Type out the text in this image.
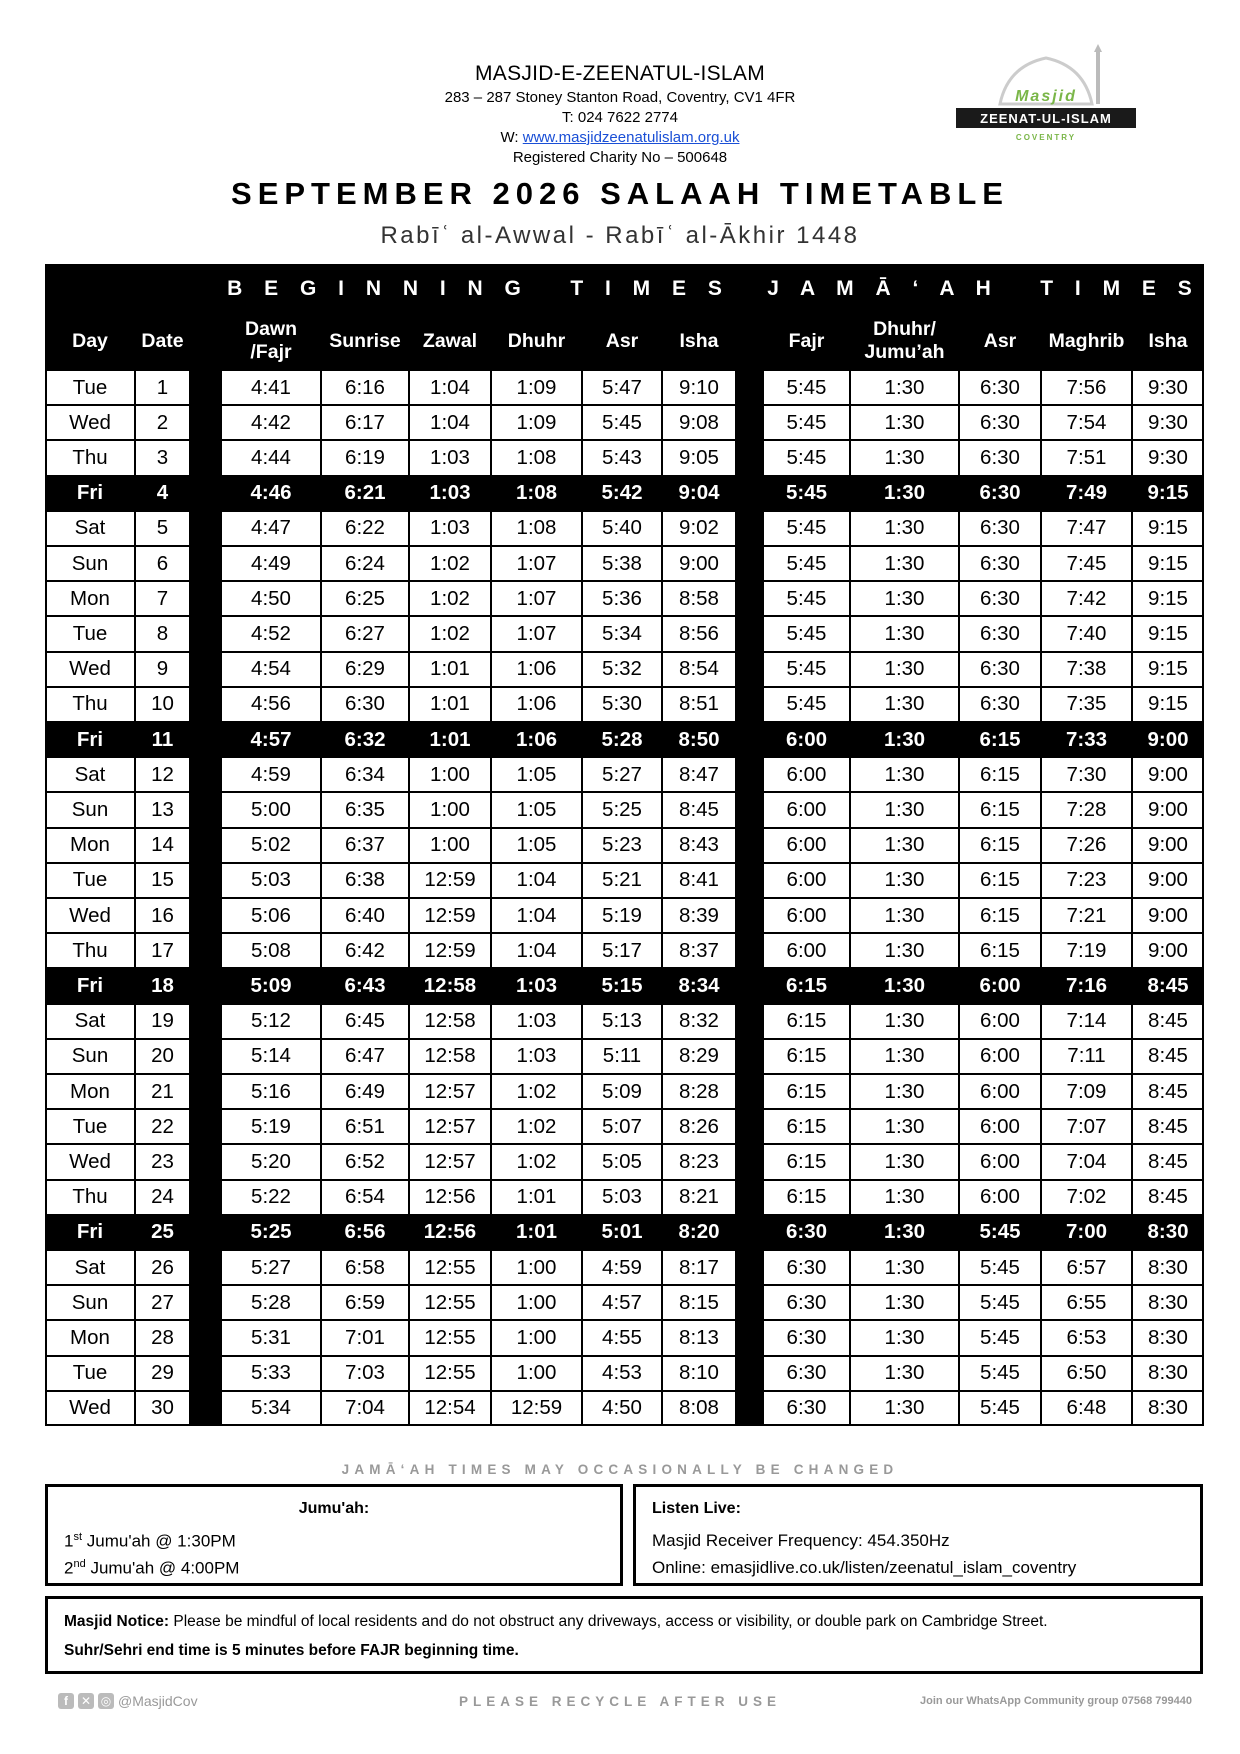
MASJID-E-ZEENATUL-ISLAM
283 – 287 Stoney Stanton Road, Coventry, CV1 4FR
T: 024 7622 2774
W: www.masjidzeenatulislam.org.uk
Registered Charity No – 500648
Masjid
ZEENAT-UL-ISLAM
COVENTRY
SEPTEMBER 2026 SALAAH TIMETABLE
Rabīʿ al-Awwal - Rabīʿ al-Ākhir 1448
B E G I N N I N G   T I M E S J A M Ā ‘ A H   T I M E S
Day	Date
Dawn
/Fajr
Sunrise	Zawal	Dhuhr	Asr	Isha	Fajr
Dhuhr/
Jumu’ah
Asr	Maghrib	Isha
Tue	1	4:41	6:16	1:04	1:09	5:47	9:10	5:45	1:30	6:30	7:56	9:30
Wed	2	4:42	6:17	1:04	1:09	5:45	9:08	5:45	1:30	6:30	7:54	9:30
Thu	3	4:44	6:19	1:03	1:08	5:43	9:05	5:45	1:30	6:30	7:51	9:30
Fri	4	4:46	6:21	1:03	1:08	5:42	9:04	5:45	1:30	6:30	7:49	9:15
Sat	5	4:47	6:22	1:03	1:08	5:40	9:02	5:45	1:30	6:30	7:47	9:15
Sun	6	4:49	6:24	1:02	1:07	5:38	9:00	5:45	1:30	6:30	7:45	9:15
Mon	7	4:50	6:25	1:02	1:07	5:36	8:58	5:45	1:30	6:30	7:42	9:15
Tue	8	4:52	6:27	1:02	1:07	5:34	8:56	5:45	1:30	6:30	7:40	9:15
Wed	9	4:54	6:29	1:01	1:06	5:32	8:54	5:45	1:30	6:30	7:38	9:15
Thu	10	4:56	6:30	1:01	1:06	5:30	8:51	5:45	1:30	6:30	7:35	9:15
Fri	11	4:57	6:32	1:01	1:06	5:28	8:50	6:00	1:30	6:15	7:33	9:00
Sat	12	4:59	6:34	1:00	1:05	5:27	8:47	6:00	1:30	6:15	7:30	9:00
Sun	13	5:00	6:35	1:00	1:05	5:25	8:45	6:00	1:30	6:15	7:28	9:00
Mon	14	5:02	6:37	1:00	1:05	5:23	8:43	6:00	1:30	6:15	7:26	9:00
Tue	15	5:03	6:38	12:59	1:04	5:21	8:41	6:00	1:30	6:15	7:23	9:00
Wed	16	5:06	6:40	12:59	1:04	5:19	8:39	6:00	1:30	6:15	7:21	9:00
Thu	17	5:08	6:42	12:59	1:04	5:17	8:37	6:00	1:30	6:15	7:19	9:00
Fri	18	5:09	6:43	12:58	1:03	5:15	8:34	6:15	1:30	6:00	7:16	8:45
Sat	19	5:12	6:45	12:58	1:03	5:13	8:32	6:15	1:30	6:00	7:14	8:45
Sun	20	5:14	6:47	12:58	1:03	5:11	8:29	6:15	1:30	6:00	7:11	8:45
Mon	21	5:16	6:49	12:57	1:02	5:09	8:28	6:15	1:30	6:00	7:09	8:45
Tue	22	5:19	6:51	12:57	1:02	5:07	8:26	6:15	1:30	6:00	7:07	8:45
Wed	23	5:20	6:52	12:57	1:02	5:05	8:23	6:15	1:30	6:00	7:04	8:45
Thu	24	5:22	6:54	12:56	1:01	5:03	8:21	6:15	1:30	6:00	7:02	8:45
Fri	25	5:25	6:56	12:56	1:01	5:01	8:20	6:30	1:30	5:45	7:00	8:30
Sat	26	5:27	6:58	12:55	1:00	4:59	8:17	6:30	1:30	5:45	6:57	8:30
Sun	27	5:28	6:59	12:55	1:00	4:57	8:15	6:30	1:30	5:45	6:55	8:30
Mon	28	5:31	7:01	12:55	1:00	4:55	8:13	6:30	1:30	5:45	6:53	8:30
Tue	29	5:33	7:03	12:55	1:00	4:53	8:10	6:30	1:30	5:45	6:50	8:30
Wed	30	5:34	7:04	12:54	12:59	4:50	8:08	6:30	1:30	5:45	6:48	8:30
JAMĀ‘AH TIMES MAY OCCASIONALLY BE CHANGED
Jumu'ah:
1st Jumu'ah @ 1:30PM
2nd Jumu'ah @ 4:00PM
Listen Live:
Masjid Receiver Frequency: 454.350Hz
Online: emasjidlive.co.uk/listen/zeenatul_islam_coventry
Masjid Notice: Please be mindful of local residents and do not obstruct any driveways, access or visibility, or double park on Cambridge Street.
Suhr/Sehri end time is 5 minutes before FAJR beginning time.
f	✕ ◎ @MasjidCov	PLEASE RECYCLE AFTER USE	Join our WhatsApp Community group 07568 799440
